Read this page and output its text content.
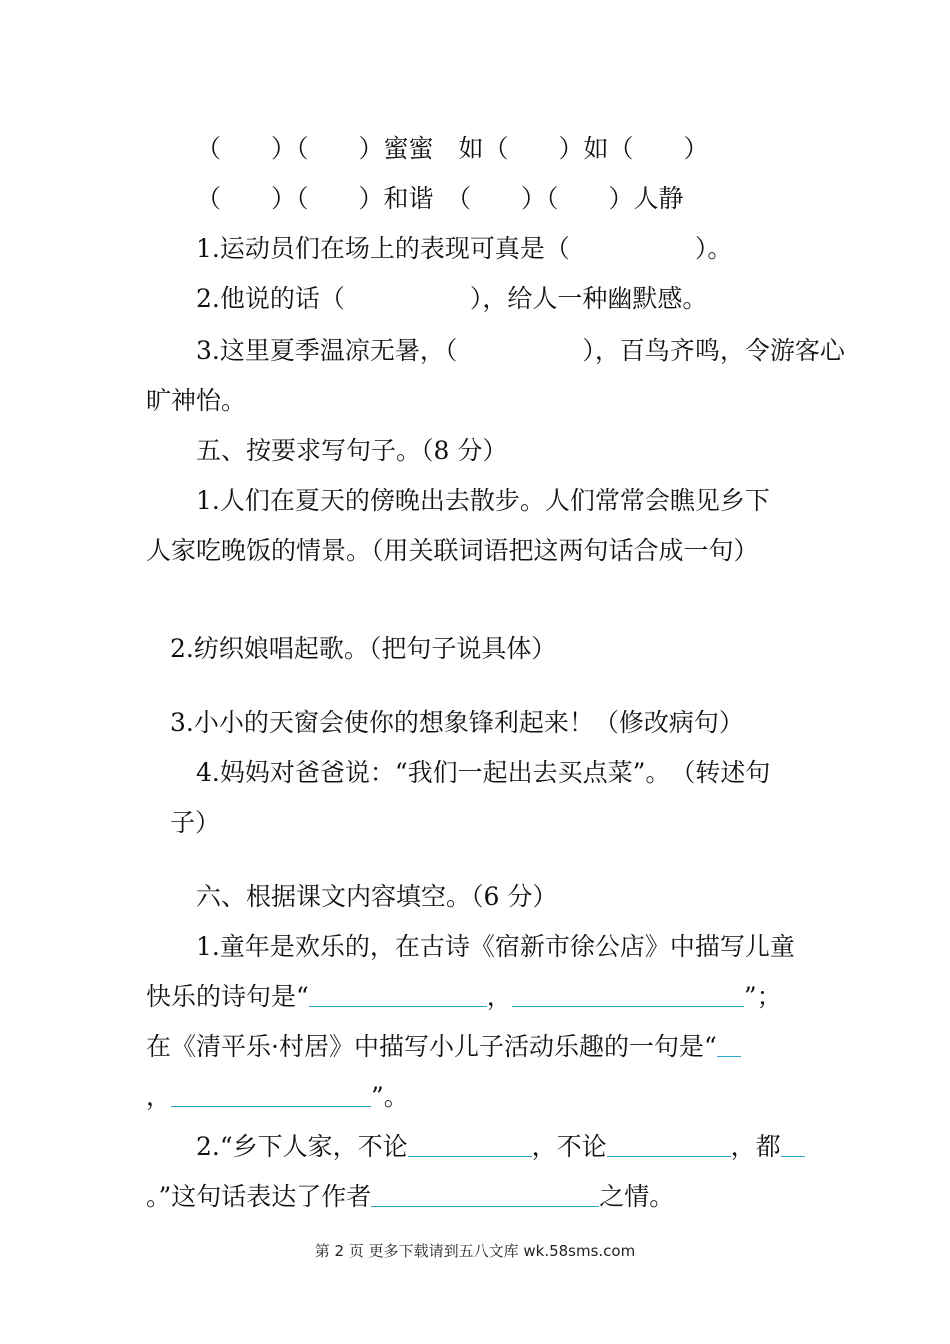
（　　）（　　）蜜蜜　如（　　）如（　　）
（　　）（　　）和谐　（　　）（　　）人静
1.运动员们在场上的表现可真是（　　　　　）。
2.他说的话（　　　　　），给人一种幽默感。
3.这里夏季温凉无暑，（　　　　　），百鸟齐鸣，令游客心
旷神怡。
五、按要求写句子。（8 分）
1.人们在夏天的傍晚出去散步。人们常常会瞧见乡下
人家吃晚饭的情景。（用关联词语把这两句话合成一句）
2.纺织娘唱起歌。（把句子说具体）
3.小小的天窗会使你的想象锋利起来！（修改病句）
4.妈妈对爸爸说：“我们一起出去买点菜”。　（转述句
子）
六、根据课文内容填空。（6 分）
1.童年是欢乐的，在古诗《宿新市徐公店》中描写儿童
快乐的诗句是“	，	”；
在《清平乐·村居》中描写小儿子活动乐趣的一句是“
，	”。
2.“乡下人家，不论	，不论	，都
。”这句话表达了作者	之情。
第 2 页 更多下载请到五八文库 wk.58sms.com
